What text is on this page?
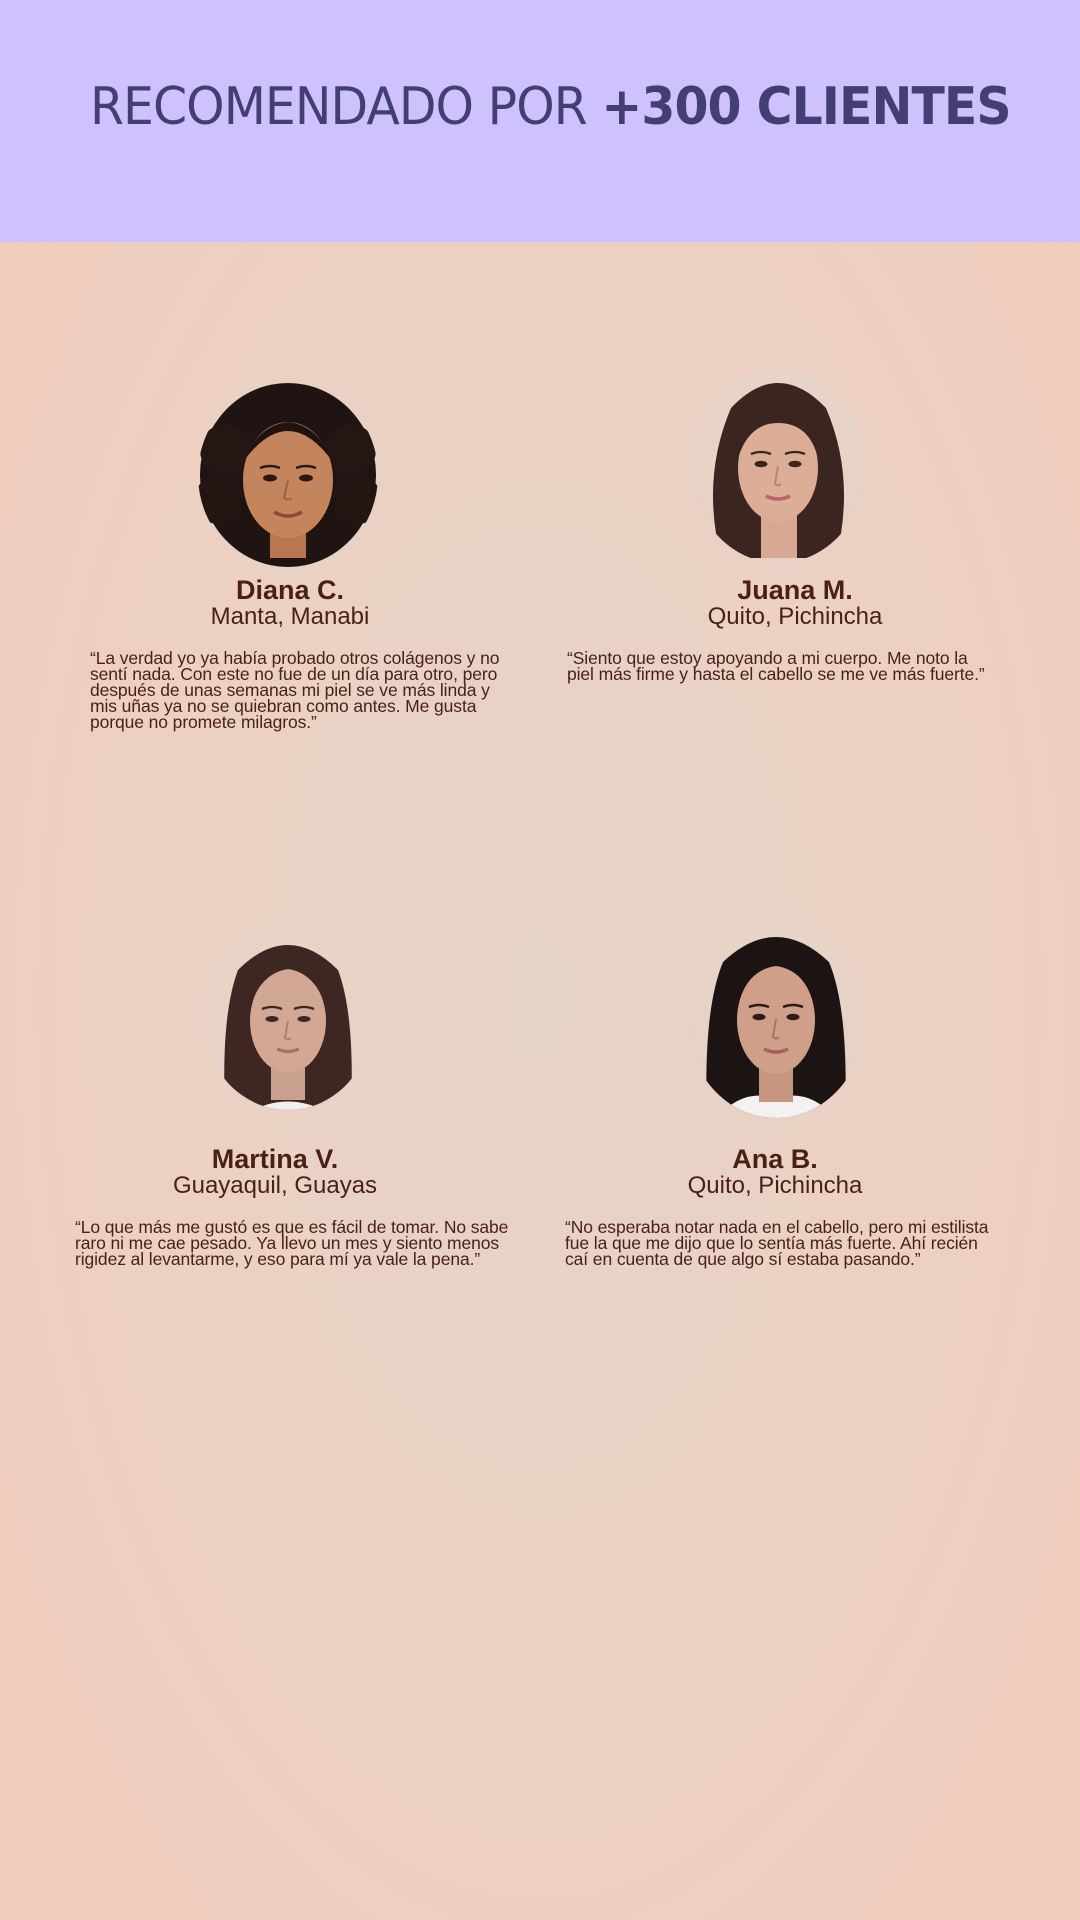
RECOMENDADO POR +300 CLIENTES

Diana C.

Manta, Manabi

“La verdad yo ya había probado otros colágenos y no sentí nada. Con este no fue de un día para otro, pero después de unas semanas mi piel se ve más linda y mis uñas ya no se quiebran como antes. Me gusta porque no promete milagros.”

Juana M.

Quito, Pichincha

“Siento que estoy apoyando a mi cuerpo. Me noto la piel más firme y hasta el cabello se me ve más fuerte.”

Martina V.

Guayaquil, Guayas

“Lo que más me gustó es que es fácil de tomar. No sabe raro ni me cae pesado. Ya llevo un mes y siento menos rigidez al levantarme, y eso para mí ya vale la pena.”

Ana B.

Quito, Pichincha

“No esperaba notar nada en el cabello, pero mi estilista fue la que me dijo que lo sentía más fuerte. Ahí recién caí en cuenta de que algo sí estaba pasando.”
